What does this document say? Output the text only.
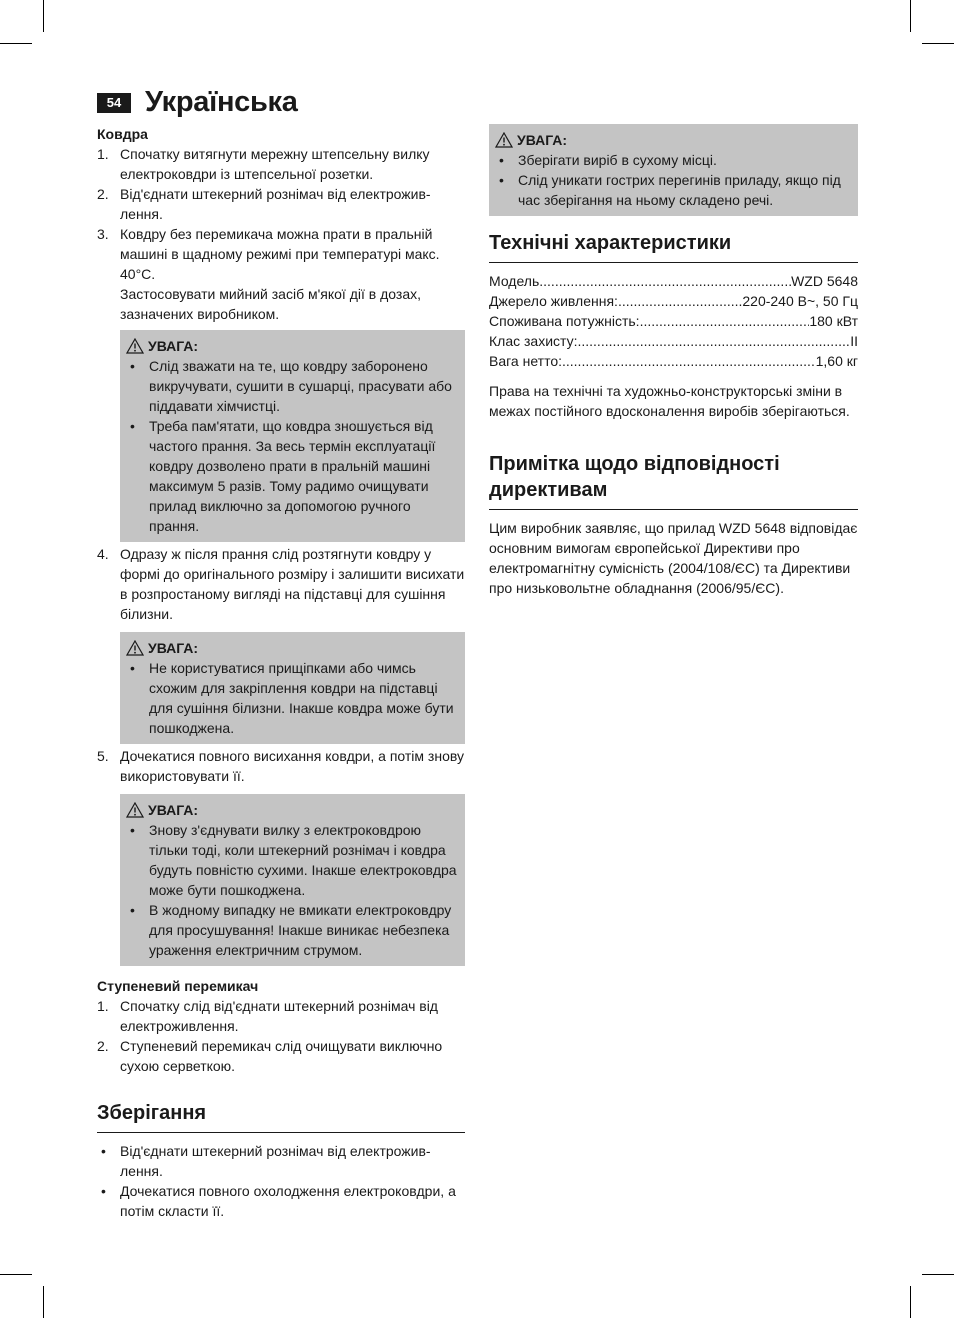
54 Українська
Ковдра
1. Спочатку витягнути мережну штепсельну вилку електроковдри із штепсельної розетки.
2. Від'єднати штекерний рознімач від електроживлення.
3. Ковдру без перемикача можна прати в пральній машині в щадному режимі при температурі макс. 40°C.
Застосовувати мийний засіб м'якої дії в дозах, зазначених виробником.
УВАГА:
• Слід зважати на те, що ковдру заборонено викручувати, сушити в сушарці, прасувати або піддавати хімчистці.
• Треба пам'ятати, що ковдра зношується від частого прання. За весь термін експлуатації ковдру дозволено прати в пральній машині максимум 5 разів. Тому радимо очищувати прилад виключно за допомогою ручного прання.
4. Одразу ж після прання слід розтягнути ковдру у формі до оригінального розміру і залишити висихати в розпростаному вигляді на підставці для сушіння білизни.
УВАГА:
• Не користуватися прищіпками або чимсь схожим для закріплення ковдри на підставці для сушіння білизни. Інакше ковдра може бути пошкоджена.
5. Дочекатися повного висихання ковдри, а потім знову використовувати її.
УВАГА:
• Знову з'єднувати вилку з електроковдрою тільки тоді, коли штекерний рознімач і ковдра будуть повністю сухими. Інакше електроковдра може бути пошкоджена.
• В жодному випадку не вмикати електроковдру для просушування! Інакше виникає небезпека ураження електричним струмом.
Ступеневий перемикач
1. Спочатку слід від'єднати штекерний рознімач від електроживлення.
2. Ступеневий перемикач слід очищувати виключно сухою серветкою.
Зберігання
• Від'єднати штекерний рознімач від електроживлення.
• Дочекатися повного охолодження електроковдри, а потім скласти її.
УВАГА:
• Зберігати виріб в сухому місці.
• Слід уникати гострих перегинів приладу, якщо під час зберігання на ньому складено речі.
Технічні характеристики
Модель .....	WZD 5648
Джерело живлення: .....	220-240 В~, 50 Гц
Споживана потужність: .....	180 кВт
Клас захисту: .....	II
Вага нетто: .....	1,60 кг

Права на технічні та художньо-конструкторські зміни в межах постійного вдосконалення виробів зберігаються.

Примітка щодо відповідності директивам

Цим виробник заявляє, що прилад WZD 5648 відповідає основним вимогам європейської Директиви про електромагнітну сумісність (2004/108/ЄС) та Директиви про низьковольтне обладнання (2006/95/ЄС).
